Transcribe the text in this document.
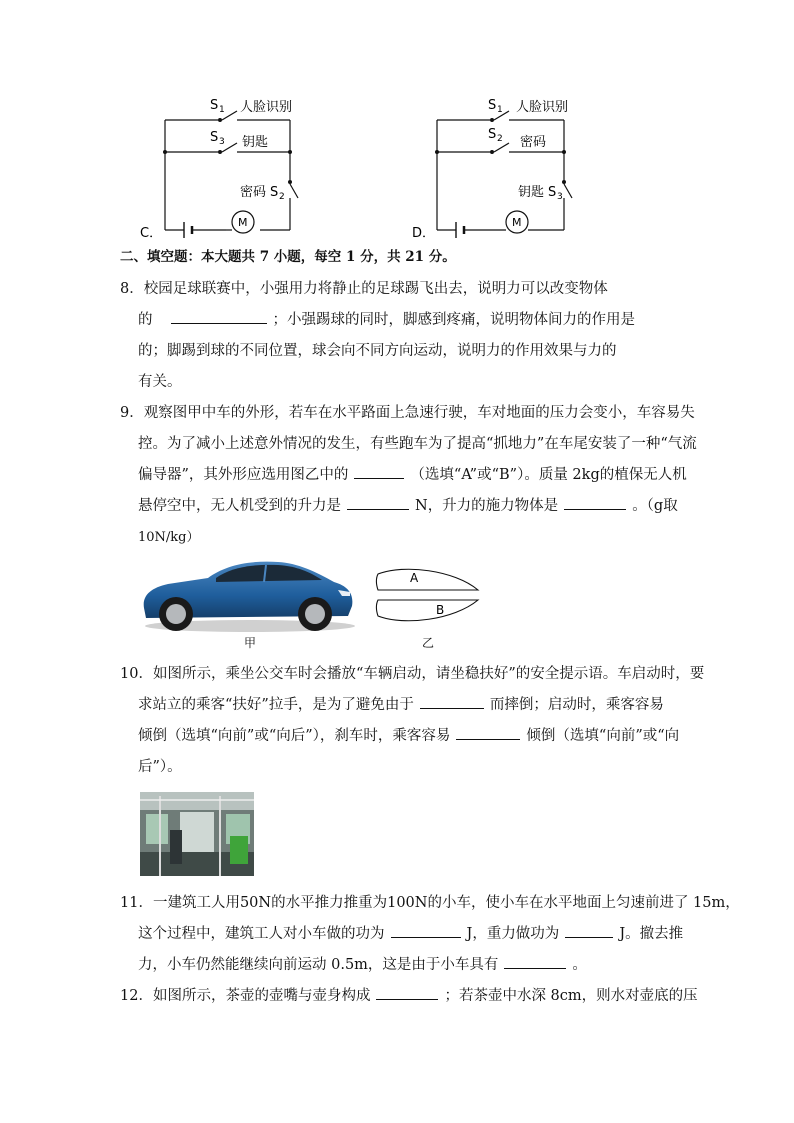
S 1 人脸识别
S 3 钥匙
密码 S 2
M
C．
S 1 人脸识别
S 2 密码
钥匙 S 3
M
D．
二、填空题：本大题共 7 小题，每空 1 分，共 21 分。
8．校园足球联赛中，小强用力将静止的足球踢飞出去，说明力可以改变物体
的	；小强踢球的同时，脚感到疼痛，说明物体间力的作用是
的；脚踢到球的不同位置，球会向不同方向运动，说明力的作用效果与力的
有关。
9．观察图甲中车的外形，若车在水平路面上急速行驶，车对地面的压力会变小，车容易失
控。为了减小上述意外情况的发生，有些跑车为了提高“抓地力”在车尾安装了一种“气流
偏导器”，其外形应选用图乙中的	（选填“A”或“B”）。质量 2kg的植保无人机
悬停空中，无人机受到的升力是	N，升力的施力物体是	。（g取
10N/kg）
甲
A
B
乙
10．如图所示，乘坐公交车时会播放“车辆启动，请坐稳扶好”的安全提示语。车启动时，要
求站立的乘客“扶好”拉手，是为了避免由于	而摔倒；启动时，乘客容易
倾倒（选填“向前”或“向后”），刹车时，乘客容易	倾倒（选填“向前”或“向
后”）。
11．一建筑工人用50N的水平推力推重为100N的小车，使小车在水平地面上匀速前进了 15m，
这个过程中，建筑工人对小车做的功为	J，重力做功为	J。撤去推
力，小车仍然能继续向前运动 0.5m，这是由于小车具有	。
12．如图所示，茶壶的壶嘴与壶身构成	；若茶壶中水深 8cm，则水对壶底的压
